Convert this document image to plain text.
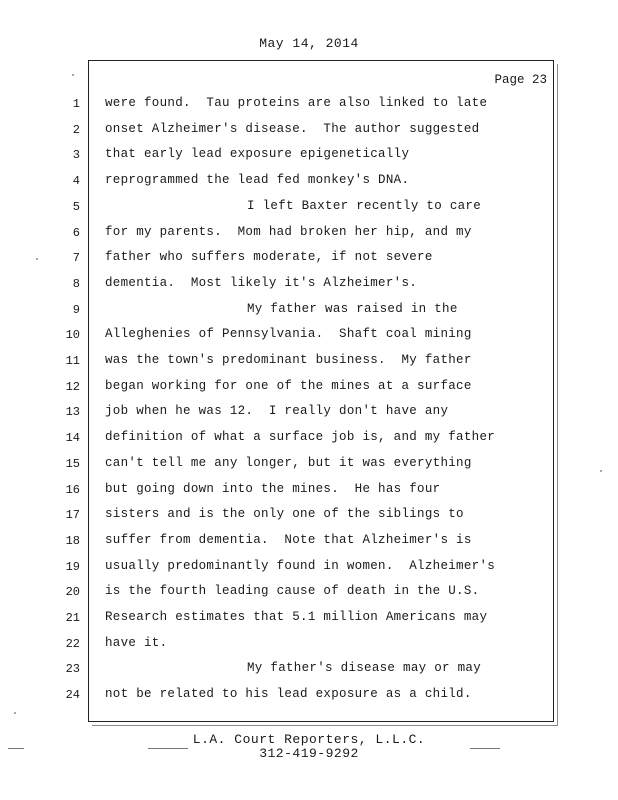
May 14, 2014
Page 23
1 were found.  Tau proteins are also linked to late
2 onset Alzheimer's disease.  The author suggested
3 that early lead exposure epigenetically
4 reprogrammed the lead fed monkey's DNA.
5	I left Baxter recently to care
6 for my parents.  Mom had broken her hip, and my
7 father who suffers moderate, if not severe
8 dementia.  Most likely it's Alzheimer's.
9	My father was raised in the
10 Alleghenies of Pennsylvania.  Shaft coal mining
11 was the town's predominant business.  My father
12 began working for one of the mines at a surface
13 job when he was 12.  I really don't have any
14 definition of what a surface job is, and my father
15 can't tell me any longer, but it was everything
16 but going down into the mines.  He has four
17 sisters and is the only one of the siblings to
18 suffer from dementia.  Note that Alzheimer's is
19 usually predominantly found in women.  Alzheimer's
20 is the fourth leading cause of death in the U.S.
21 Research estimates that 5.1 million Americans may
22 have it.
23	My father's disease may or may
24 not be related to his lead exposure as a child.
L.A. Court Reporters, L.L.C.
312-419-9292
